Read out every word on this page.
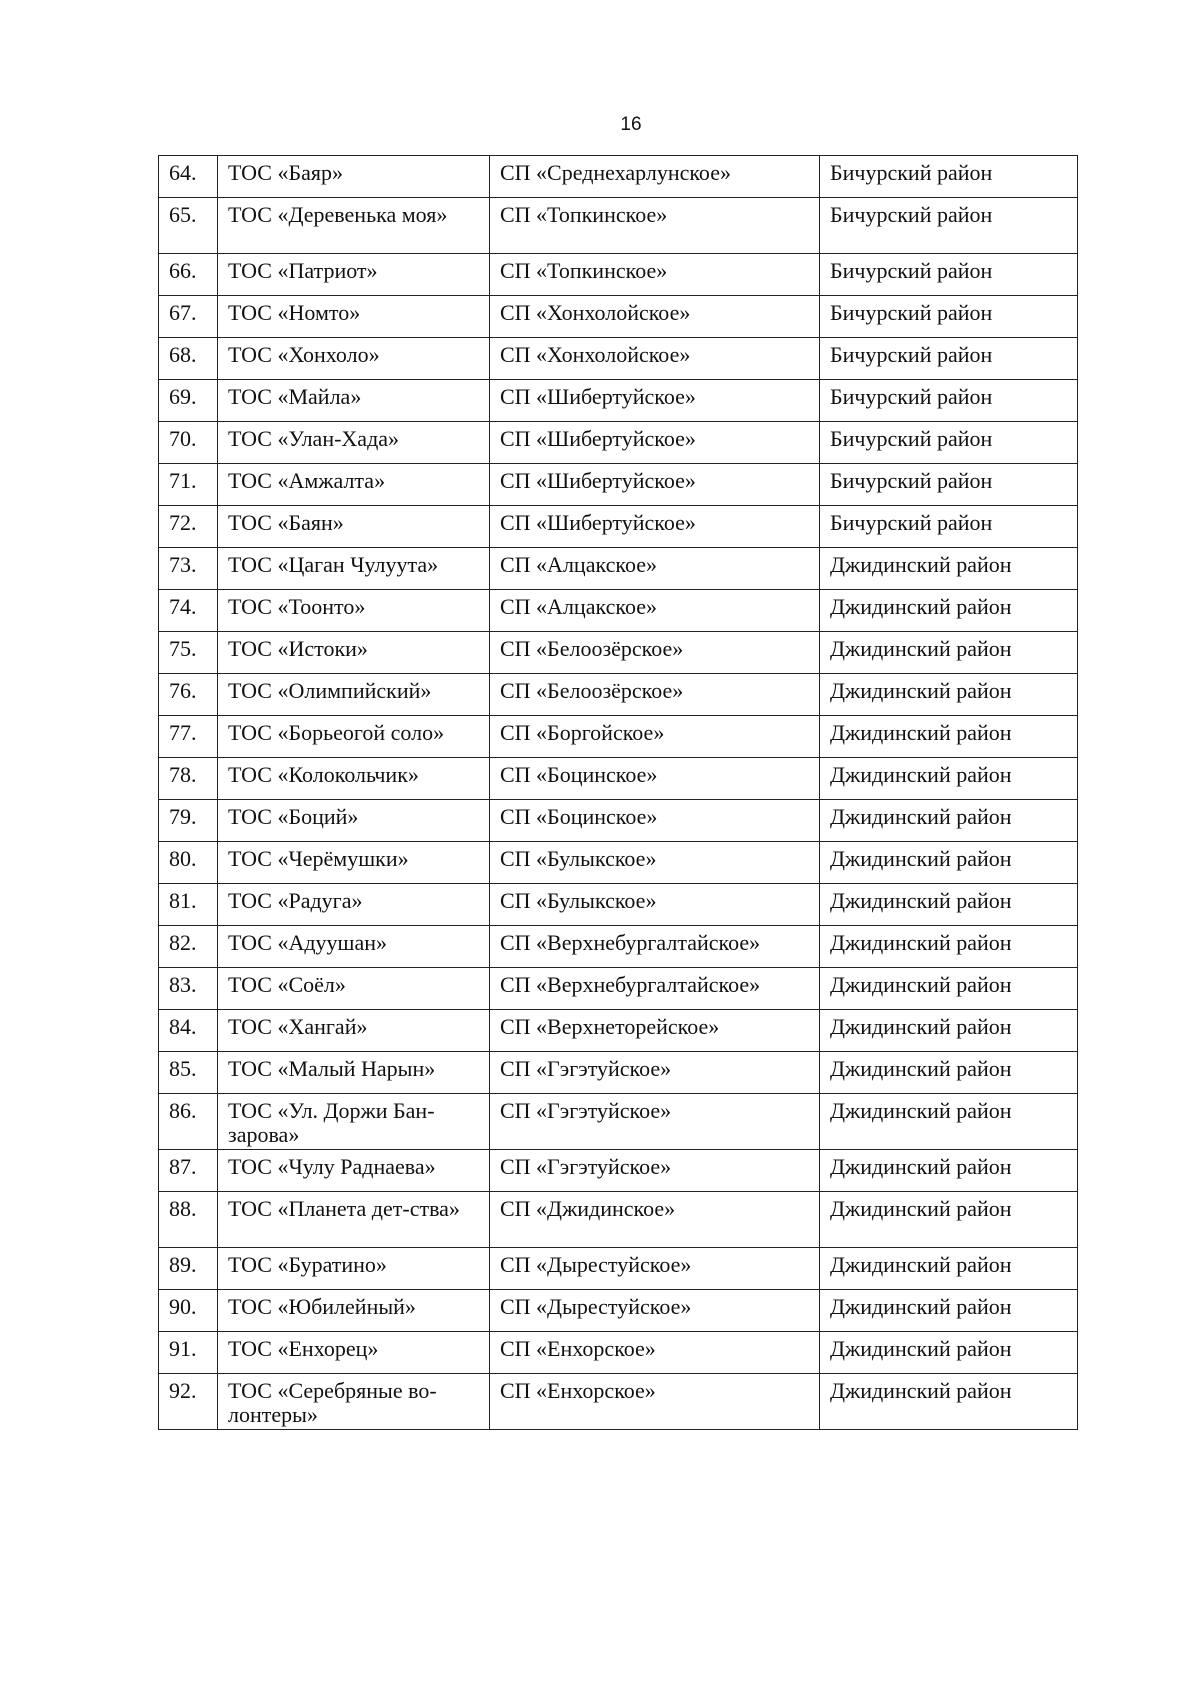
16
64.	ТОС «Баяр»	СП «Среднехарлунское»	Бичурский район
65.	ТОС «Деревенька моя»	СП «Топкинское»	Бичурский район
66.	ТОС «Патриот»	СП «Топкинское»	Бичурский район
67.	ТОС «Номто»	СП «Хонхолойское»	Бичурский район
68.	ТОС «Хонхоло»	СП «Хонхолойское»	Бичурский район
69.	ТОС «Майла»	СП «Шибертуйское»	Бичурский район
70.	ТОС «Улан-Хада»	СП «Шибертуйское»	Бичурский район
71.	ТОС «Амжалта»	СП «Шибертуйское»	Бичурский район
72.	ТОС «Баян»	СП «Шибертуйское»	Бичурский район
73.	ТОС «Цаган Чулуута»	СП «Алцакское»	Джидинский район
74.	ТОС «Тоонто»	СП «Алцакское»	Джидинский район
75.	ТОС «Истоки»	СП «Белоозёрское»	Джидинский район
76.	ТОС «Олимпийский»	СП «Белоозёрское»	Джидинский район
77.	ТОС «Борьеогой соло»	СП «Боргойское»	Джидинский район
78.	ТОС «Колокольчик»	СП «Боцинское»	Джидинский район
79.	ТОС «Боций»	СП «Боцинское»	Джидинский район
80.	ТОС «Черёмушки»	СП «Булыкское»	Джидинский район
81.	ТОС «Радуга»	СП «Булыкское»	Джидинский район
82.	ТОС «Адуушан»	СП «Верхнебургалтайское»	Джидинский район
83.	ТОС «Соёл»	СП «Верхнебургалтайское»	Джидинский район
84.	ТОС «Хангай»	СП «Верхнеторейское»	Джидинский район
85.	ТОС «Малый Нарын»	СП «Гэгэтуйское»	Джидинский район
86.	ТОС «Ул. Доржи Бан-зарова»	СП «Гэгэтуйское»	Джидинский район
87.	ТОС «Чулу Раднаева»	СП «Гэгэтуйское»	Джидинский район
88.	ТОС «Планета дет-ства»	СП «Джидинское»	Джидинский район
89.	ТОС «Буратино»	СП «Дырестуйское»	Джидинский район
90.	ТОС «Юбилейный»	СП «Дырестуйское»	Джидинский район
91.	ТОС «Енхорец»	СП «Енхорское»	Джидинский район
92.	ТОС «Серебряные во-лонтеры»	СП «Енхорское»	Джидинский район
